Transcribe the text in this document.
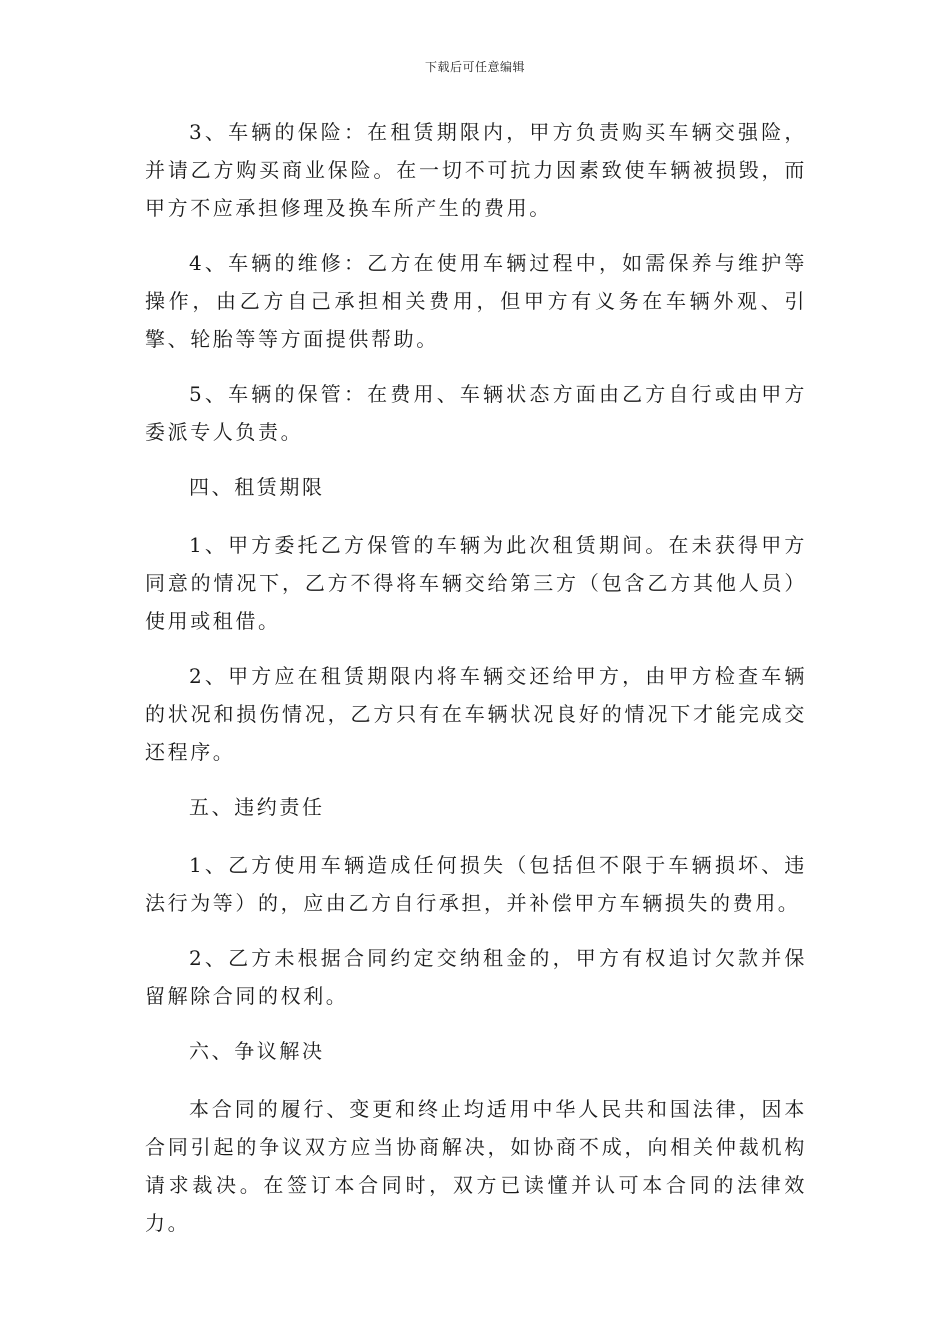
下载后可任意编辑

3、车辆的保险：在租赁期限内，甲方负责购买车辆交强险，并请乙方购买商业保险。在一切不可抗力因素致使车辆被损毁，而甲方不应承担修理及换车所产生的费用。

4、车辆的维修：乙方在使用车辆过程中，如需保养与维护等操作，由乙方自己承担相关费用，但甲方有义务在车辆外观、引擎、轮胎等等方面提供帮助。

5、车辆的保管：在费用、车辆状态方面由乙方自行或由甲方委派专人负责。

四、租赁期限

1、甲方委托乙方保管的车辆为此次租赁期间。在未获得甲方同意的情况下，乙方不得将车辆交给第三方（包含乙方其他人员）使用或租借。

2、甲方应在租赁期限内将车辆交还给甲方，由甲方检查车辆的状况和损伤情况，乙方只有在车辆状况良好的情况下才能完成交还程序。

五、违约责任

1、乙方使用车辆造成任何损失（包括但不限于车辆损坏、违法行为等）的，应由乙方自行承担，并补偿甲方车辆损失的费用。

2、乙方未根据合同约定交纳租金的，甲方有权追讨欠款并保留解除合同的权利。

六、争议解决

本合同的履行、变更和终止均适用中华人民共和国法律，因本合同引起的争议双方应当协商解决，如协商不成，向相关仲裁机构请求裁决。在签订本合同时，双方已读懂并认可本合同的法律效力。
